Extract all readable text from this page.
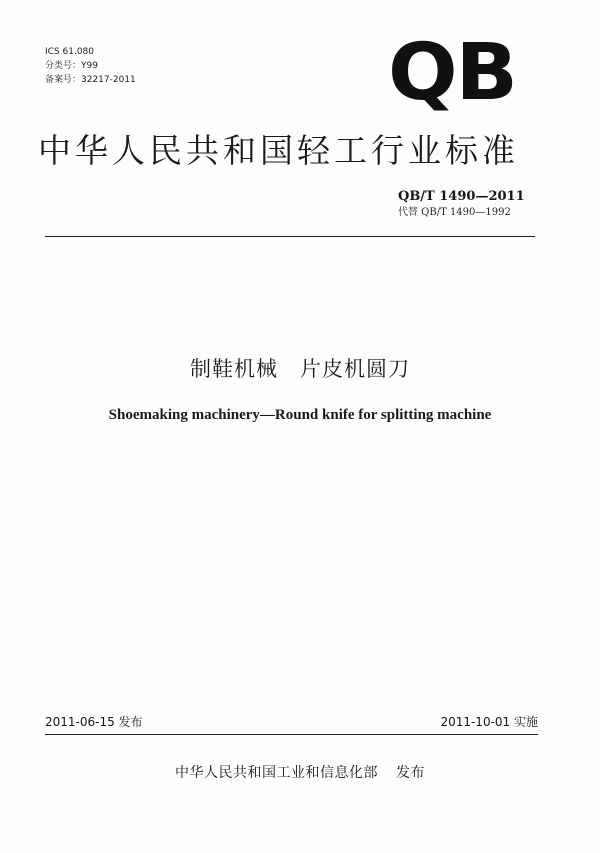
ICS 61.080
分类号：Y99
备案号：32217-2011	QB
中华人民共和国轻工行业标准
QB/T 1490—2011
代替 QB/T 1490—1992
制鞋机械　片皮机圆刀
Shoemaking machinery—Round knife for splitting machine
2011-06-15 发布	2011-10-01 实施
中华人民共和国工业和信息化部 发布
